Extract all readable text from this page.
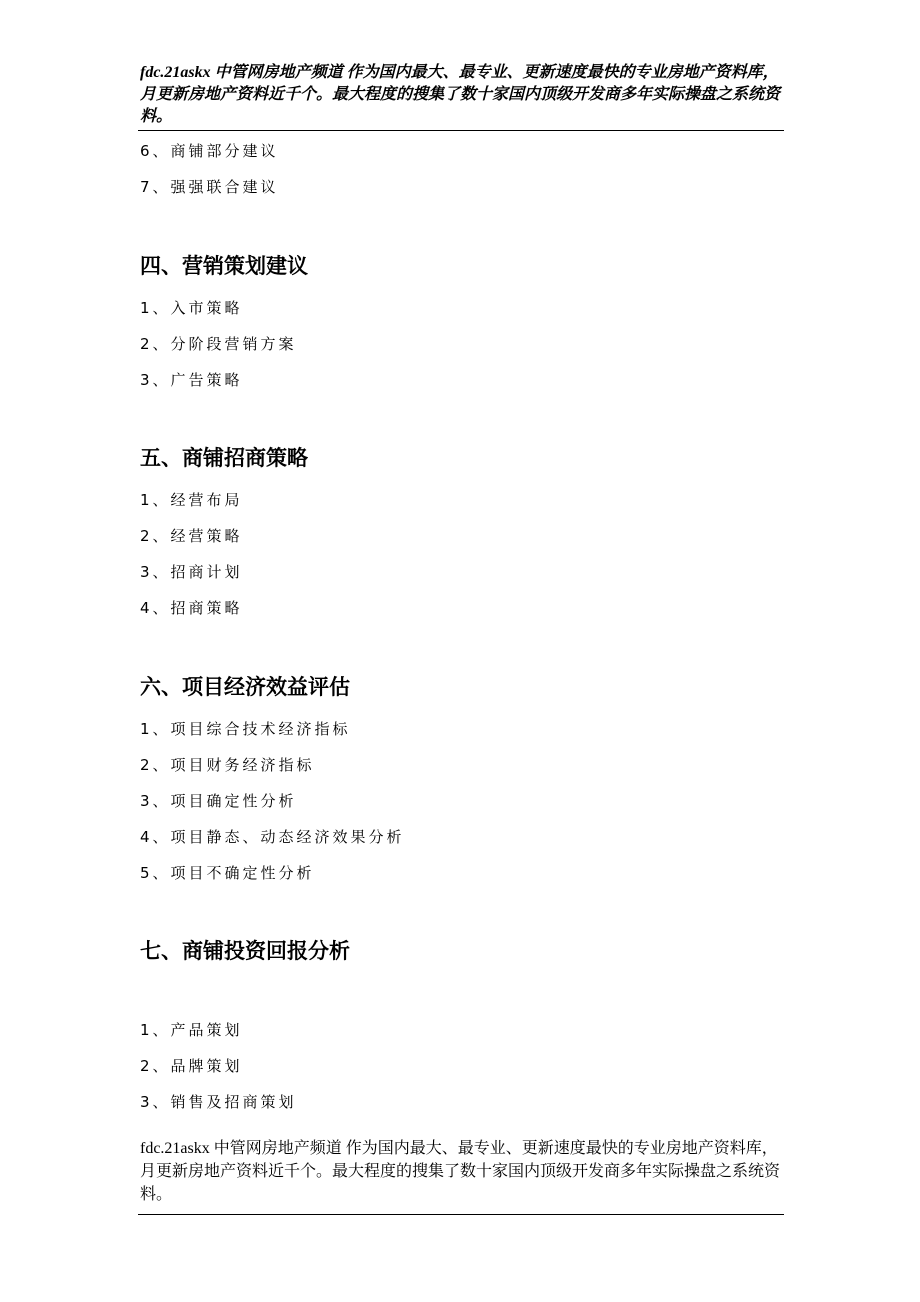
fdc.21askx 中管网房地产频道 作为国内最大、最专业、更新速度最快的专业房地产资料库，月更新房地产资料近千个。最大程度的搜集了数十家国内顶级开发商多年实际操盘之系统资料。
6、商铺部分建议
7、强强联合建议
四、营销策划建议
1、入市策略
2、分阶段营销方案
3、广告策略
五、商铺招商策略
1、经营布局
2、经营策略
3、招商计划
4、招商策略
六、项目经济效益评估
1、项目综合技术经济指标
2、项目财务经济指标
3、项目确定性分析
4、项目静态、动态经济效果分析
5、项目不确定性分析
七、商铺投资回报分析
1、产品策划
2、品牌策划
3、销售及招商策划
fdc.21askx 中管网房地产频道 作为国内最大、最专业、更新速度最快的专业房地产资料库，月更新房地产资料近千个。最大程度的搜集了数十家国内顶级开发商多年实际操盘之系统资料。
